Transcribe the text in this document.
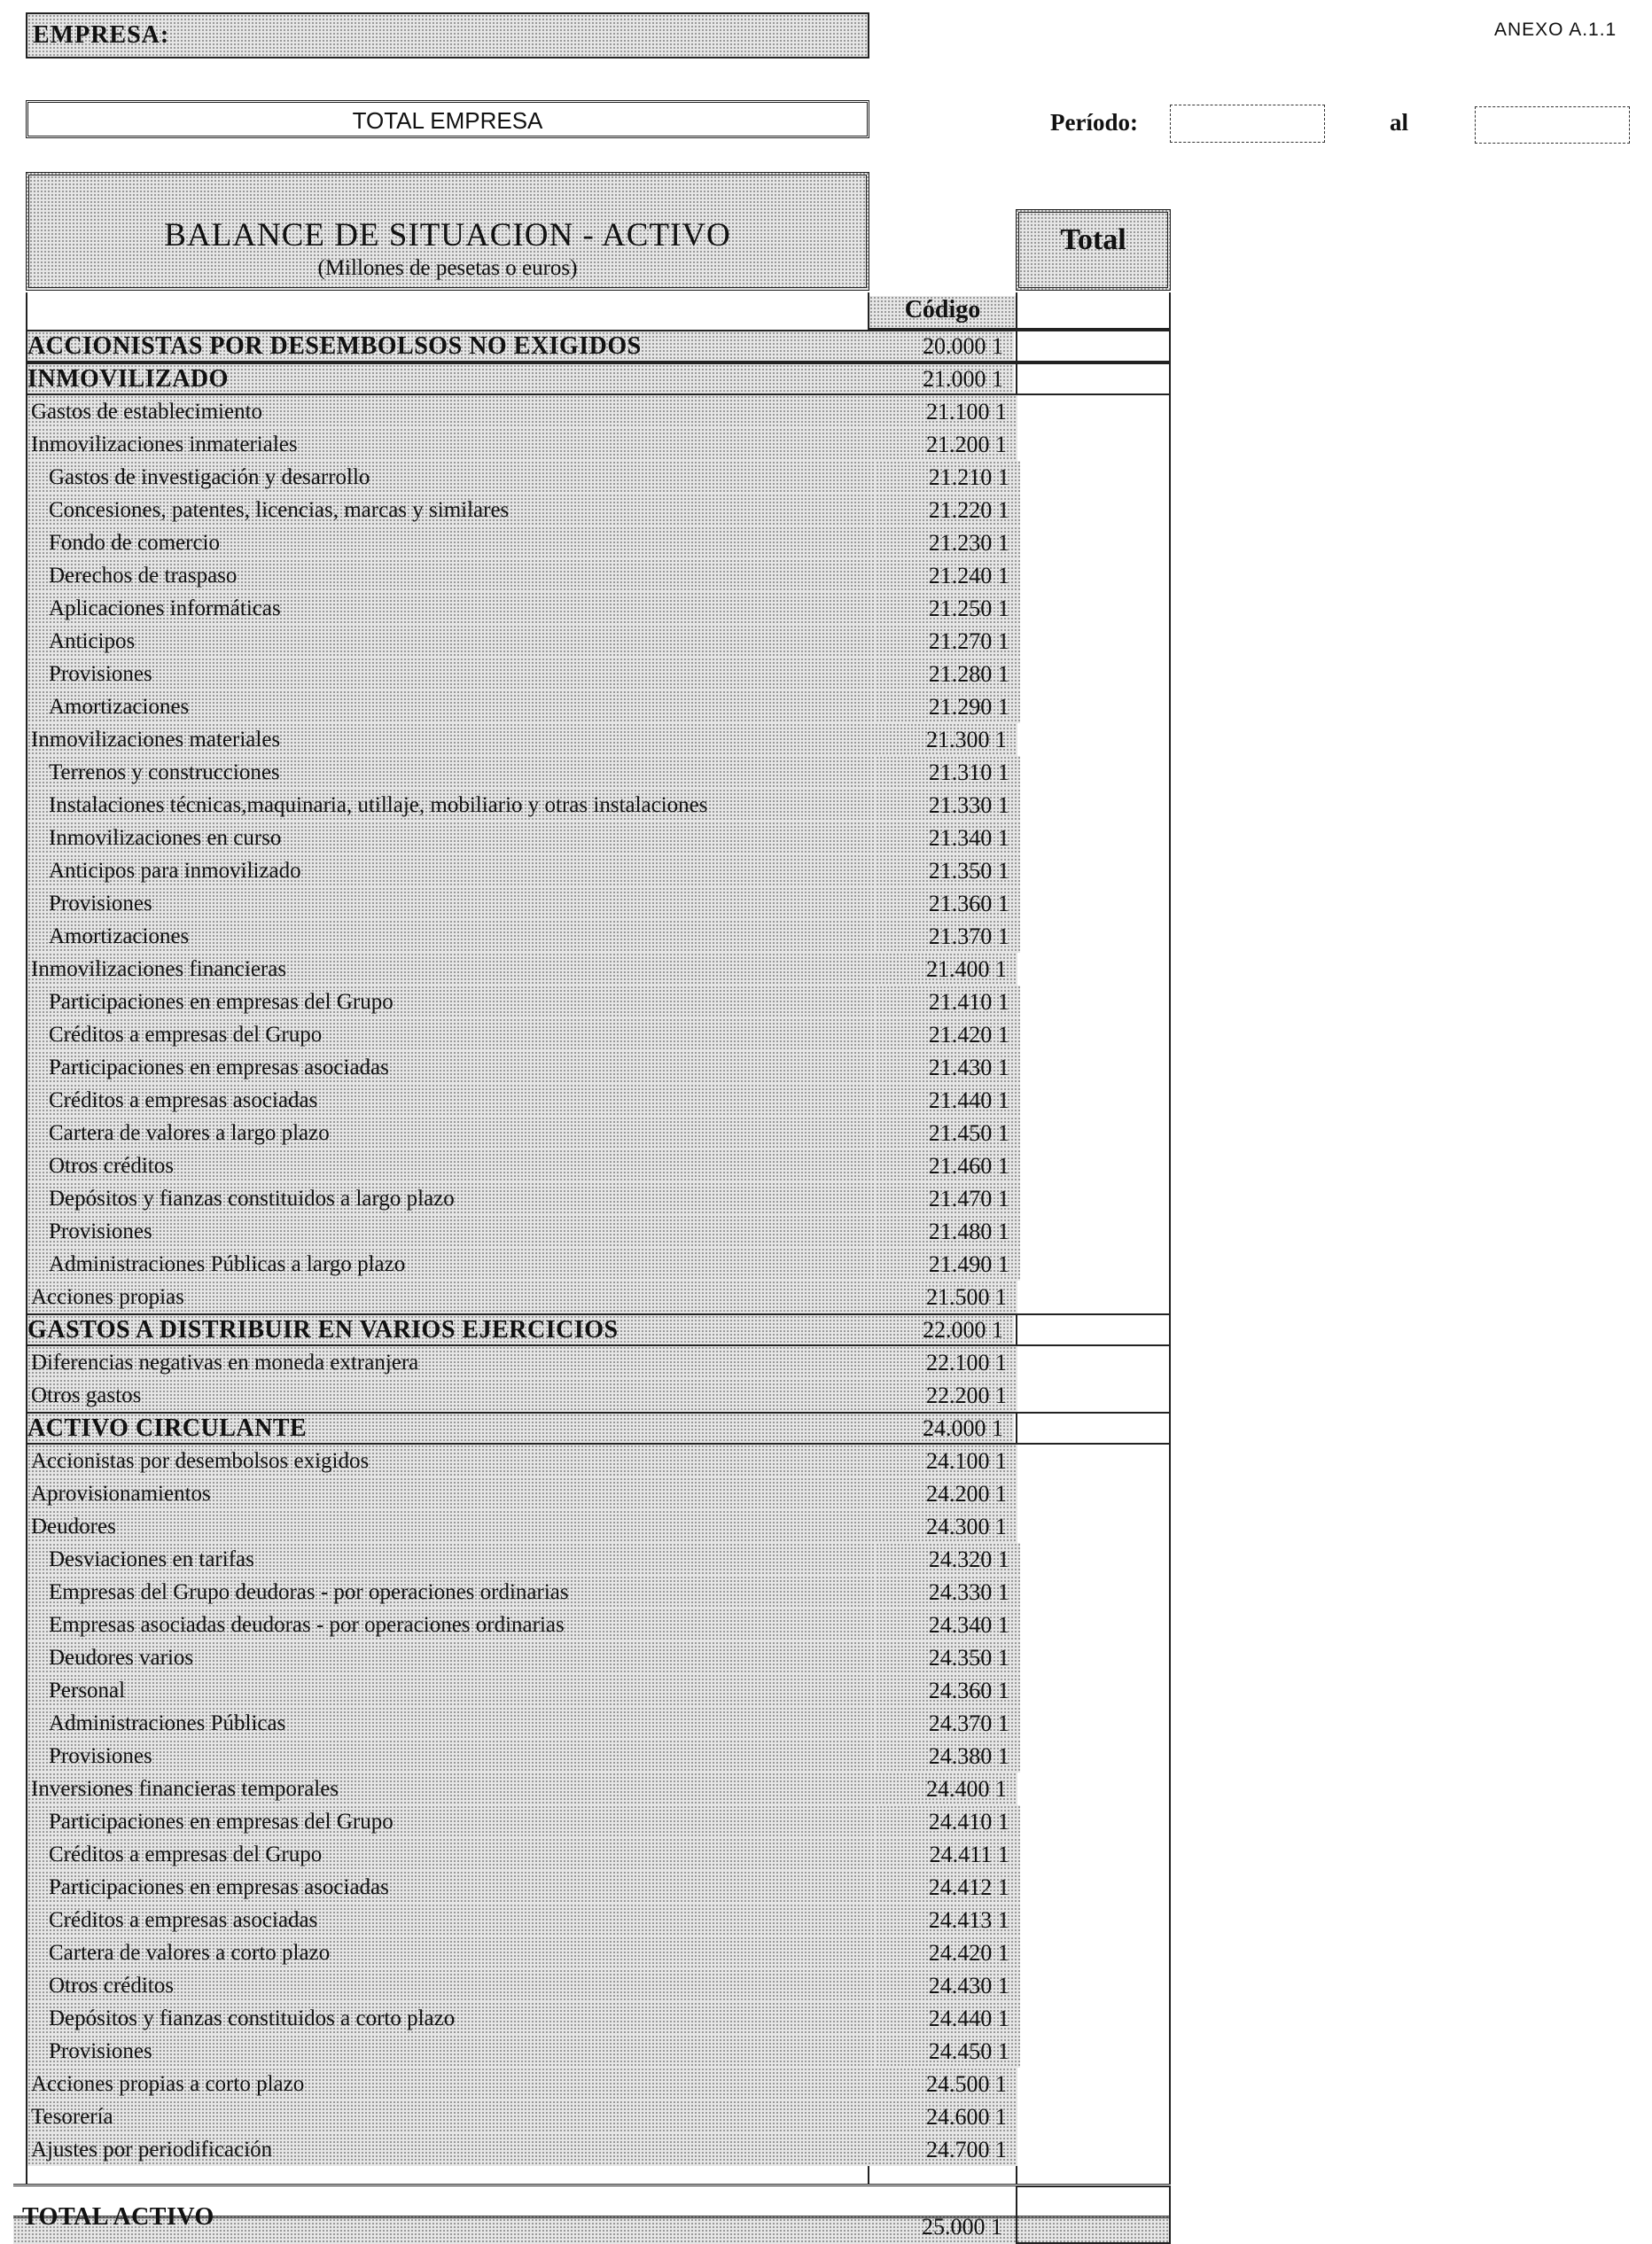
EMPRESA:	ANEXO A.1.1
TOTAL EMPRESA	Período:	al
BALANCE DE SITUACION - ACTIVO
(Millones de pesetas o euros)
Total
Código
ACCIONISTAS POR DESEMBOLSOS NO EXIGIDOS	20.000 1
INMOVILIZADO	21.000 1
Gastos de establecimiento	21.100 1
Inmovilizaciones inmateriales	21.200 1
Gastos de investigación y desarrollo	21.210 1
Concesiones, patentes, licencias, marcas y similares	21.220 1
Fondo de comercio	21.230 1
Derechos de traspaso	21.240 1
Aplicaciones informáticas	21.250 1
Anticipos	21.270 1
Provisiones	21.280 1
Amortizaciones	21.290 1
Inmovilizaciones materiales	21.300 1
Terrenos y construcciones	21.310 1
Instalaciones técnicas,maquinaria, utillaje, mobiliario y otras instalaciones	21.330 1
Inmovilizaciones en curso	21.340 1
Anticipos para inmovilizado	21.350 1
Provisiones	21.360 1
Amortizaciones	21.370 1
Inmovilizaciones financieras	21.400 1
Participaciones en empresas del Grupo	21.410 1
Créditos a empresas del Grupo	21.420 1
Participaciones en empresas asociadas	21.430 1
Créditos a empresas asociadas	21.440 1
Cartera de valores a largo plazo	21.450 1
Otros créditos	21.460 1
Depósitos y fianzas constituidos a largo plazo	21.470 1
Provisiones	21.480 1
Administraciones Públicas a largo plazo	21.490 1
Acciones propias	21.500 1
GASTOS A DISTRIBUIR EN VARIOS EJERCICIOS	22.000 1
Diferencias negativas en moneda extranjera	22.100 1
Otros gastos	22.200 1
ACTIVO CIRCULANTE	24.000 1
Accionistas por desembolsos exigidos	24.100 1
Aprovisionamientos	24.200 1
Deudores	24.300 1
Desviaciones en tarifas	24.320 1
Empresas del Grupo deudoras - por operaciones ordinarias	24.330 1
Empresas asociadas deudoras - por operaciones ordinarias	24.340 1
Deudores varios	24.350 1
Personal	24.360 1
Administraciones Públicas	24.370 1
Provisiones	24.380 1
Inversiones financieras temporales	24.400 1
Participaciones en empresas del Grupo	24.410 1
Créditos a empresas del Grupo	24.411 1
Participaciones en empresas asociadas	24.412 1
Créditos a empresas asociadas	24.413 1
Cartera de valores a corto plazo	24.420 1
Otros créditos	24.430 1
Depósitos y fianzas constituidos a corto plazo	24.440 1
Provisiones	24.450 1
Acciones propias a corto plazo	24.500 1
Tesorería	24.600 1
Ajustes por periodificación	24.700 1
TOTAL ACTIVO	25.000 1
